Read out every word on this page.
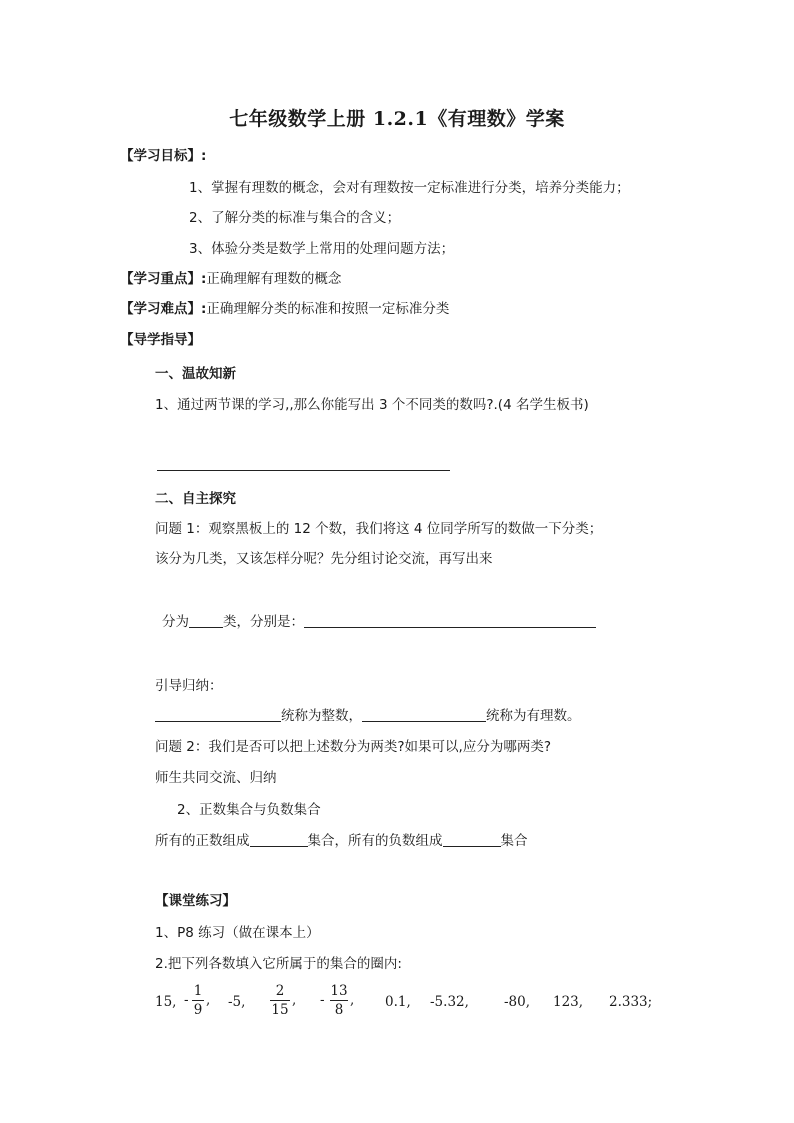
七年级数学上册 1.2.1《有理数》学案
【学习目标】:
1、掌握有理数的概念，会对有理数按一定标准进行分类，培养分类能力；
2、了解分类的标准与集合的含义；
3、体验分类是数学上常用的处理问题方法；
【学习重点】:正确理解有理数的概念
【学习难点】:正确理解分类的标准和按照一定标准分类
【导学指导】
一、温故知新
1、通过两节课的学习,,那么你能写出 3 个不同类的数吗?.(4 名学生板书)
二、自主探究
问题 1：观察黑板上的 12 个数，我们将这 4 位同学所写的数做一下分类；
该分为几类，又该怎样分呢？先分组讨论交流，再写出来
分为	类，分别是：
引导归纳：
统称为整数，	统称为有理数。
问题 2：我们是否可以把上述数分为两类?如果可以,应分为哪两类?
师生共同交流、归纳
2、正数集合与负数集合
所有的正数组成	集合，所有的负数组成	集合
【课堂练习】
1、P8 练习（做在课本上）
2.把下列各数填入它所属于的集合的圈内:
15, -
1
9
, -5,
2
15
, -
13
8
, 0.1, -5.32,	-80, 123, 2.333;
